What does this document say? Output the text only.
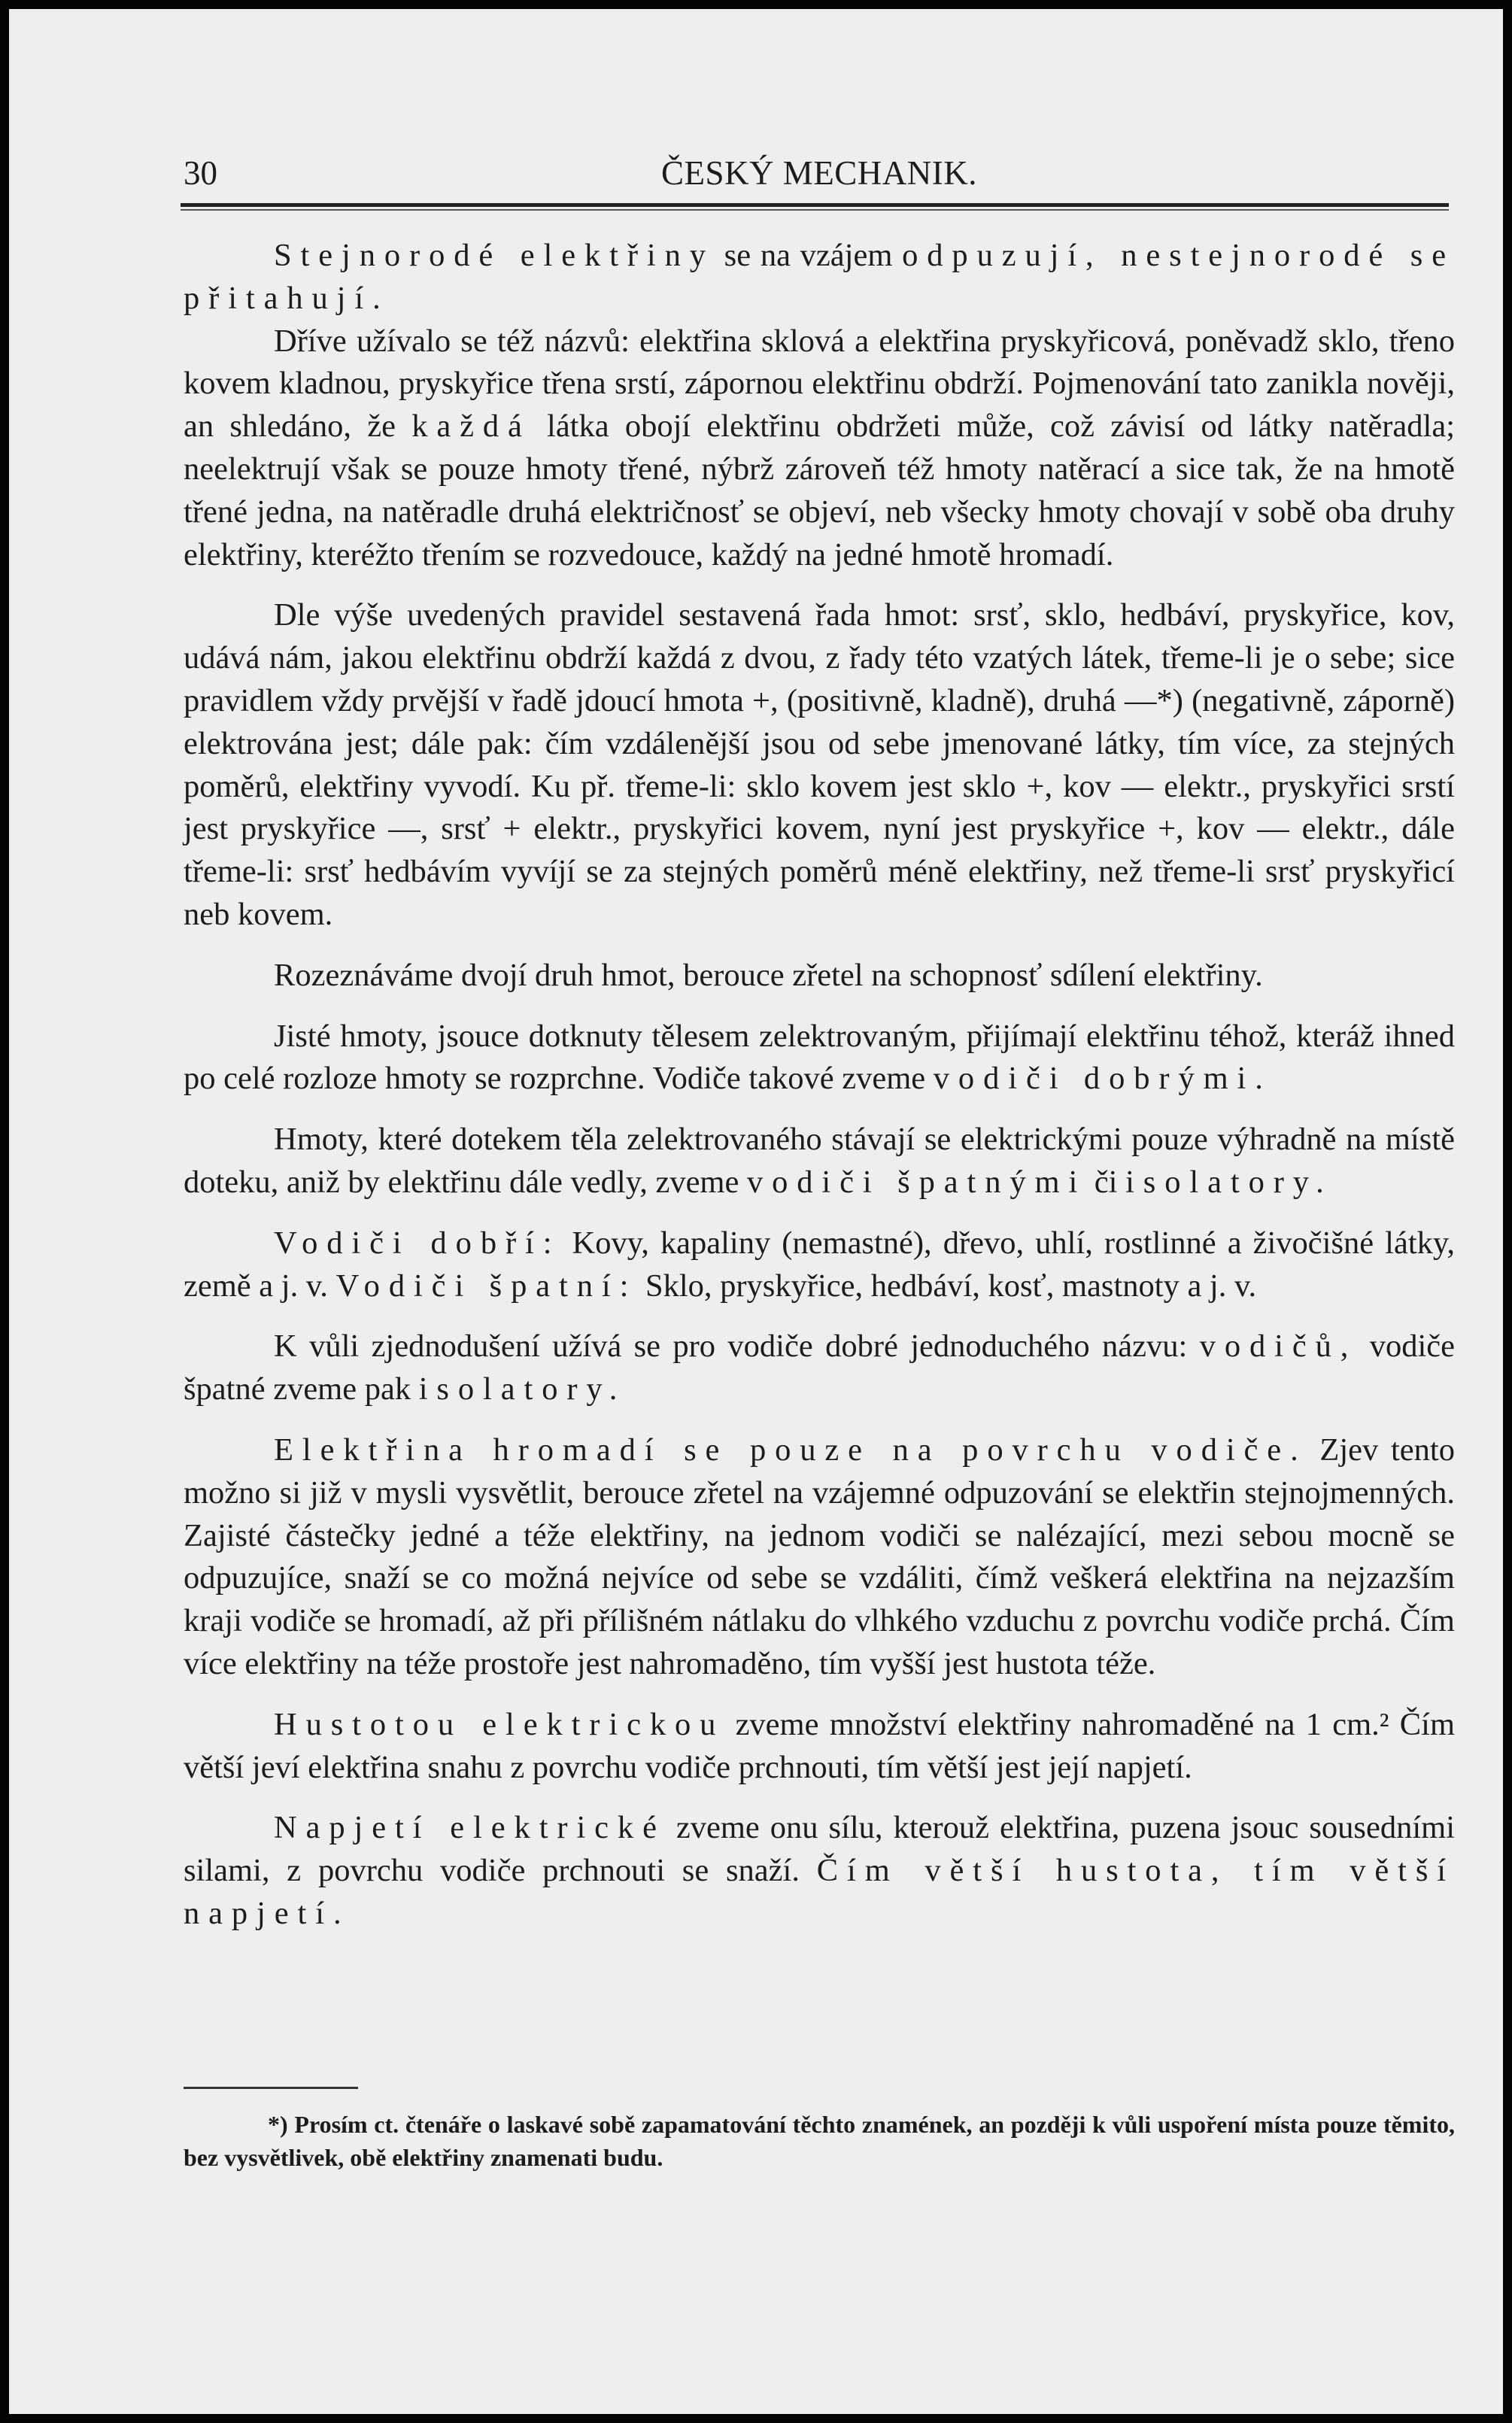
30	ČESKÝ MECHANIK.

Stejnorodé elektřiny se na vzájem odpuzují, nestejnorodé se přitahují.

Dříve užívalo se též názvů: elektřina sklová a elektřina pryskyřicová, poněvadž sklo, třeno kovem kladnou, pryskyřice třena srstí, zápornou elektřinu obdrží. Pojmenování tato zanikla nověji, an shledáno, že každá látka obojí elektřinu obdržeti může, což závisí od látky natěradla; neelektrují však se pouze hmoty třené, nýbrž zároveň též hmoty natěrací a sice tak, že na hmotě třené jedna, na natěradle druhá električnosť se objeví, neb všecky hmoty chovají v sobě oba druhy elektřiny, kteréžto třením se rozvedouce, každý na jedné hmotě hromadí.

Dle výše uvedených pravidel sestavená řada hmot: srsť, sklo, hedbáví, pryskyřice, kov, udává nám, jakou elektřinu obdrží každá z dvou, z řady této vzatých látek, třeme-li je o sebe; sice pravidlem vždy prvější v řadě jdoucí hmota +, (positivně, kladně), druhá —*) (negativně, záporně) elektrována jest; dále pak: čím vzdálenější jsou od sebe jmenované látky, tím více, za stejných poměrů, elektřiny vyvodí. Ku př. třeme-li: sklo kovem jest sklo +, kov — elektr., pryskyřici srstí jest pryskyřice —, srsť + elektr., pryskyřici kovem, nyní jest pryskyřice +, kov — elektr., dále třeme-li: srsť hedbávím vyvíjí se za stejných poměrů méně elektřiny, než třeme-li srsť pryskyřicí neb kovem.

Rozeznáváme dvojí druh hmot, berouce zřetel na schopnosť sdílení elektřiny.

Jisté hmoty, jsouce dotknuty tělesem zelektrovaným, přijímají elektřinu téhož, kteráž ihned po celé rozloze hmoty se rozprchne. Vodiče takové zveme vodiči dobrými.

Hmoty, které dotekem těla zelektrovaného stávají se elektrickými pouze výhradně na místě doteku, aniž by elektřinu dále vedly, zveme vodiči špatnými či isolatory.

Vodiči dobří: Kovy, kapaliny (nemastné), dřevo, uhlí, rostlinné a živočišné látky, země a j. v. Vodiči špatní: Sklo, pryskyřice, hedbáví, kosť, mastnoty a j. v.

K vůli zjednodušení užívá se pro vodiče dobré jednoduchého názvu: vodičů, vodiče špatné zveme pak isolatory.

Elektřina hromadí se pouze na povrchu vodiče. Zjev tento možno si již v mysli vysvětlit, berouce zřetel na vzájemné odpuzování se elektřin stejnojmenných. Zajisté částečky jedné a téže elektřiny, na jednom vodiči se nalézající, mezi sebou mocně se odpuzujíce, snaží se co možná nejvíce od sebe se vzdáliti, čímž veškerá elektřina na nejzazším kraji vodiče se hromadí, až při přílišném nátlaku do vlhkého vzduchu z povrchu vodiče prchá. Čím více elektřiny na téže prostoře jest nahromaděno, tím vyšší jest hustota téže.

Hustotou elektrickou zveme množství elektřiny nahromaděné na 1 cm.² Čím větší jeví elektřina snahu z povrchu vodiče prchnouti, tím větší jest její napjetí.

Napjetí elektrické zveme onu sílu, kterouž elektřina, puzena jsouc sousedními silami, z povrchu vodiče prchnouti se snaží. Čím větší hustota, tím větší napjetí.

*) Prosím ct. čtenáře o laskavé sobě zapamatování těchto znamének, an později k vůli uspoření místa pouze těmito, bez vysvětlivek, obě elektřiny znamenati budu.
